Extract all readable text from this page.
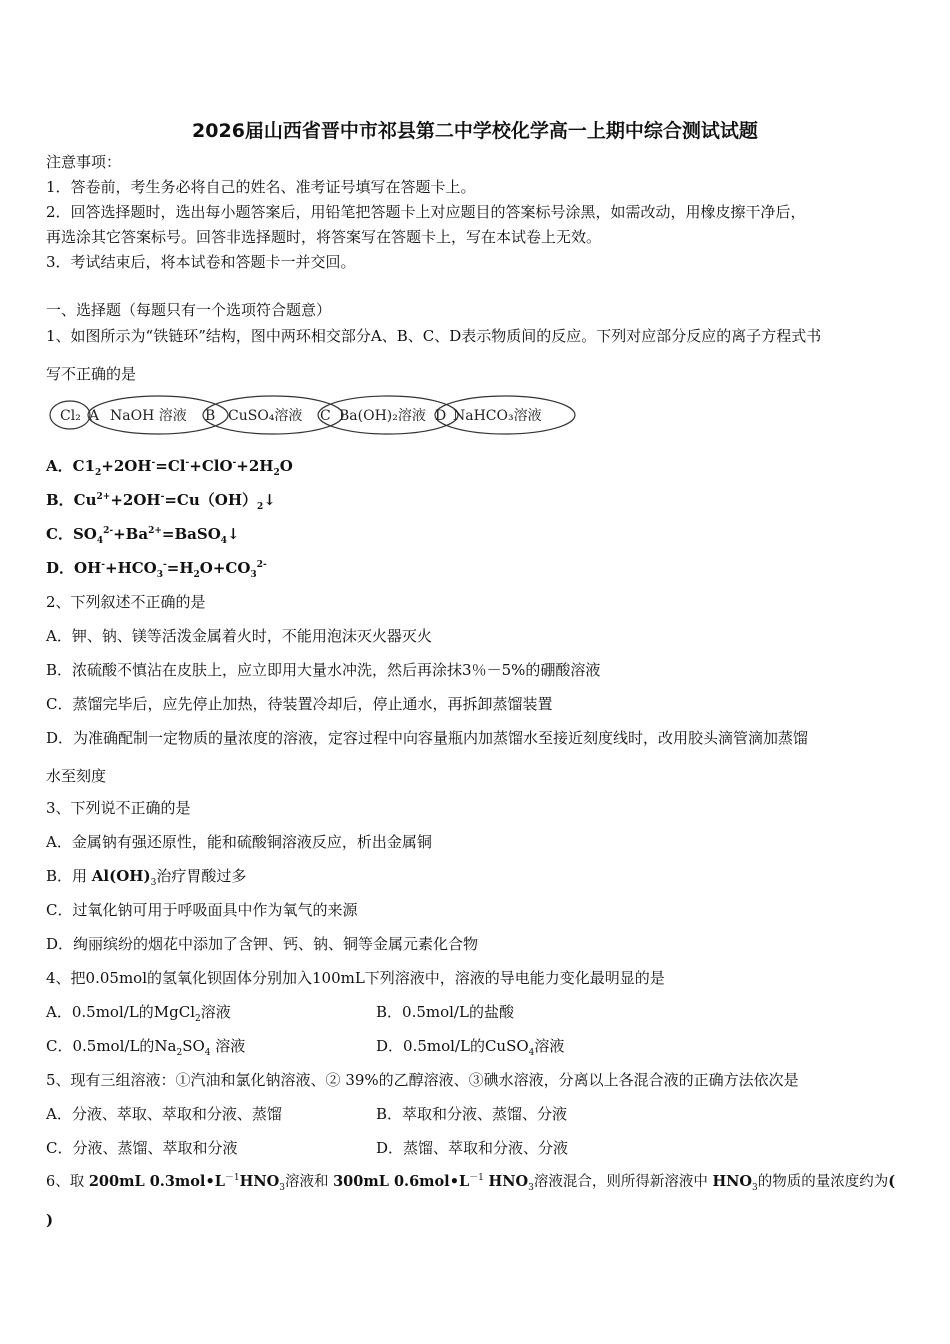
2026届山西省晋中市祁县第二中学校化学高一上期中综合测试试题
注意事项：
1．答卷前，考生务必将自己的姓名、准考证号填写在答题卡上。
2．回答选择题时，选出每小题答案后，用铅笔把答题卡上对应题目的答案标号涂黑，如需改动，用橡皮擦干净后，
再选涂其它答案标号。回答非选择题时，将答案写在答题卡上，写在本试卷上无效。
3．考试结束后，将本试卷和答题卡一并交回。
一、选择题（每题只有一个选项符合题意）
1、如图所示为“铁链环”结构，图中两环相交部分A、B、C、D表示物质间的反应。下列对应部分反应的离子方程式书
写不正确的是
Cl₂ A NaOH 溶液 B CuSO₄溶液 C Ba(OH)₂溶液 D NaHCO₃溶液
A．$C1_2+2OH^-=Cl^-+ClO^-+2H_2O$
B．$Cu^{2+}+2OH^-=Cu(OH)_2↓$
C．$SO_4^{2-}+Ba^{2+}=BaSO_4↓$
D．$OH^-+HCO_3^-=H_2O+CO_3^{2-}$
2、下列叙述不正确的是
A．钾、钠、镁等活泼金属着火时，不能用泡沫灭火器灭火
B．浓硫酸不慎沾在皮肤上，应立即用大量水冲洗，然后再涂抹3％－5%的硼酸溶液
C．蒸馏完毕后，应先停止加热，待装置冷却后，停止通水，再拆卸蒸馏装置
D．为准确配制一定物质的量浓度的溶液，定容过程中向容量瓶内加蒸馏水至接近刻度线时，改用胶头滴管滴加蒸馏
水至刻度
3、下列说不正确的是
A．金属钠有强还原性，能和硫酸铜溶液反应，析出金属铜
B．用 $Al(OH)_3$治疗胃酸过多
C．过氧化钠可用于呼吸面具中作为氧气的来源
D．绚丽缤纷的烟花中添加了含钾、钙、钠、铜等金属元素化合物
4、把0.05mol的氢氧化钡固体分别加入100mL下列溶液中，溶液的导电能力变化最明显的是
A．0.5mol/L的MgCl$_2$溶液	B．0.5mol/L的盐酸
C．0.5mol/L的$Na_2SO_4$ 溶液	D．0.5mol/L的CuSO$_4$溶液
5、现有三组溶液：①汽油和氯化钠溶液、② 39%的乙醇溶液、③碘水溶液，分离以上各混合液的正确方法依次是
A．分液、萃取、萃取和分液、蒸馏	B．萃取和分液、蒸馏、分液
C．分液、蒸馏、萃取和分液	D．蒸馏、萃取和分液、分液
6、取 200mL $0.3mol•L^{-1}HNO_3$溶液和 300mL $0.6mol•L^{-1}$ $HNO_3$溶液混合，则所得新溶液中 $HNO_3$的物质的量浓度约为(
)
